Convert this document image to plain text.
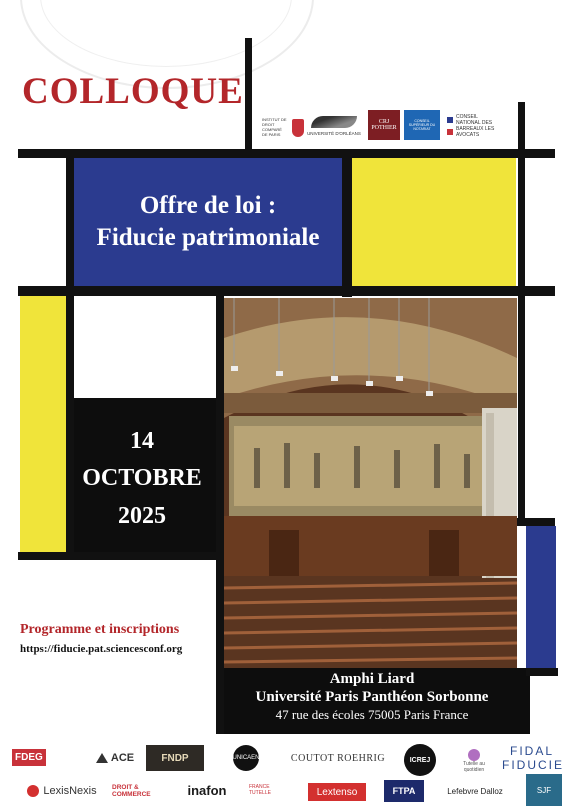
COLLOQUE
INSTITUT DE DROIT COMPARÉ DE PARIS	UNIVERSITÉ D'ORLÉANS
CRJ POTHIER
CONSEIL SUPÉRIEUR DU NOTARIAT
CONSEIL NATIONAL DES BARREAUX LES AVOCATS
Offre de loi :
Fiducie patrimoniale
14
OCTOBRE
2025
Programme et inscriptions
https://fiducie.pat.sciencesconf.org
Amphi Liard
Université Paris Panthéon Sorbonne
47 rue des écoles 75005 Paris France
FDEG	ACE	FNDP	UNICAEN	COUTOT ROEHRIG	ICREJ
Tutelle au quotidien
FIDAL FIDUCIE
LexisNexis DROIT & COMMERCE	inafon	FRANCE TUTELLE	Lextenso	FTPA	Lefebvre Dalloz	SJF
